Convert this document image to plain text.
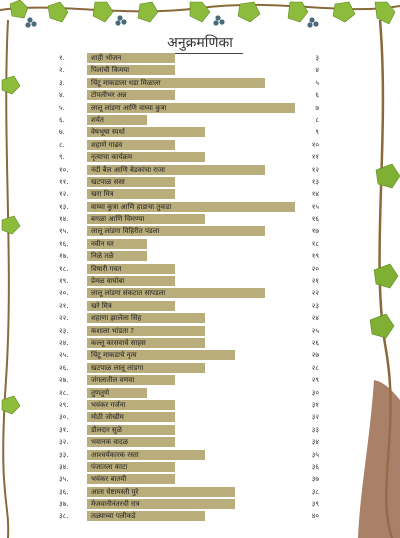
अनुक्रमणिका
१.	शाही भोजन	३
२.	पिलांची किमया	४
३.	चिंटू माकडाला धडा मिळाला	५
४.	टोपलीभर अन्न	६
५.	लालू लांडगा आणि वाघ्या कुत्रा	७
६.	शर्यत	८
७.	वेषभूषा स्पर्धा	९
८.	शहाणे गाढव	१०
९.	नृत्याचा कार्यक्रम	११
१०.	नंदी बैल आणि बेडकांचा राजा	१२
११.	खटपाळ ससा	१३
१२.	खरा मित्र	१४
१३.	वाघ्या कुत्रा आणि हाडाचा तुकडा	१५
१४.	बगळा आणि चिमण्या	१६
१५.	लालू लांडगा विहिरीत पडला	१७
१६.	नवीन घर	१८
१७.	निळे तळे	१९
१८.	विषारी गवत	२०
१९.	प्रेमळ वाघोबा	२१
२०.	लालू लांडगा संकटात सापडला	२२
२१.	खरे मित्र	२३
२२.	शहाणा झालेला सिंह	२४
२३.	कशाला भांडता ?	२५
२४.	कल्लू कासवाचे साहस	२६
२५.	चिंटू माकडाचे नृत्य	२७
२६.	खटपाळ लालू लांडगा	२८
२७.	जंगलातील वणवा	२९
२८.	तुणतुणे	३०
२९.	भयंकर गर्जना	३१
३०.	मोठी जोखीम	३२
३१.	डौलदार सुळे	३३
३२.	भयानक वादळ	३४
३३.	आश्चर्यकारक रस्ता	३५
३४.	पंजातला काटा	३६
३५.	भयंकर बातमी	३७
३६.	आता चेष्टामस्ती पुरे	३८
३७.	मेजवानीनंतरची रात्र	३९
३८.	तळ्याच्या पलीकडे	४०
